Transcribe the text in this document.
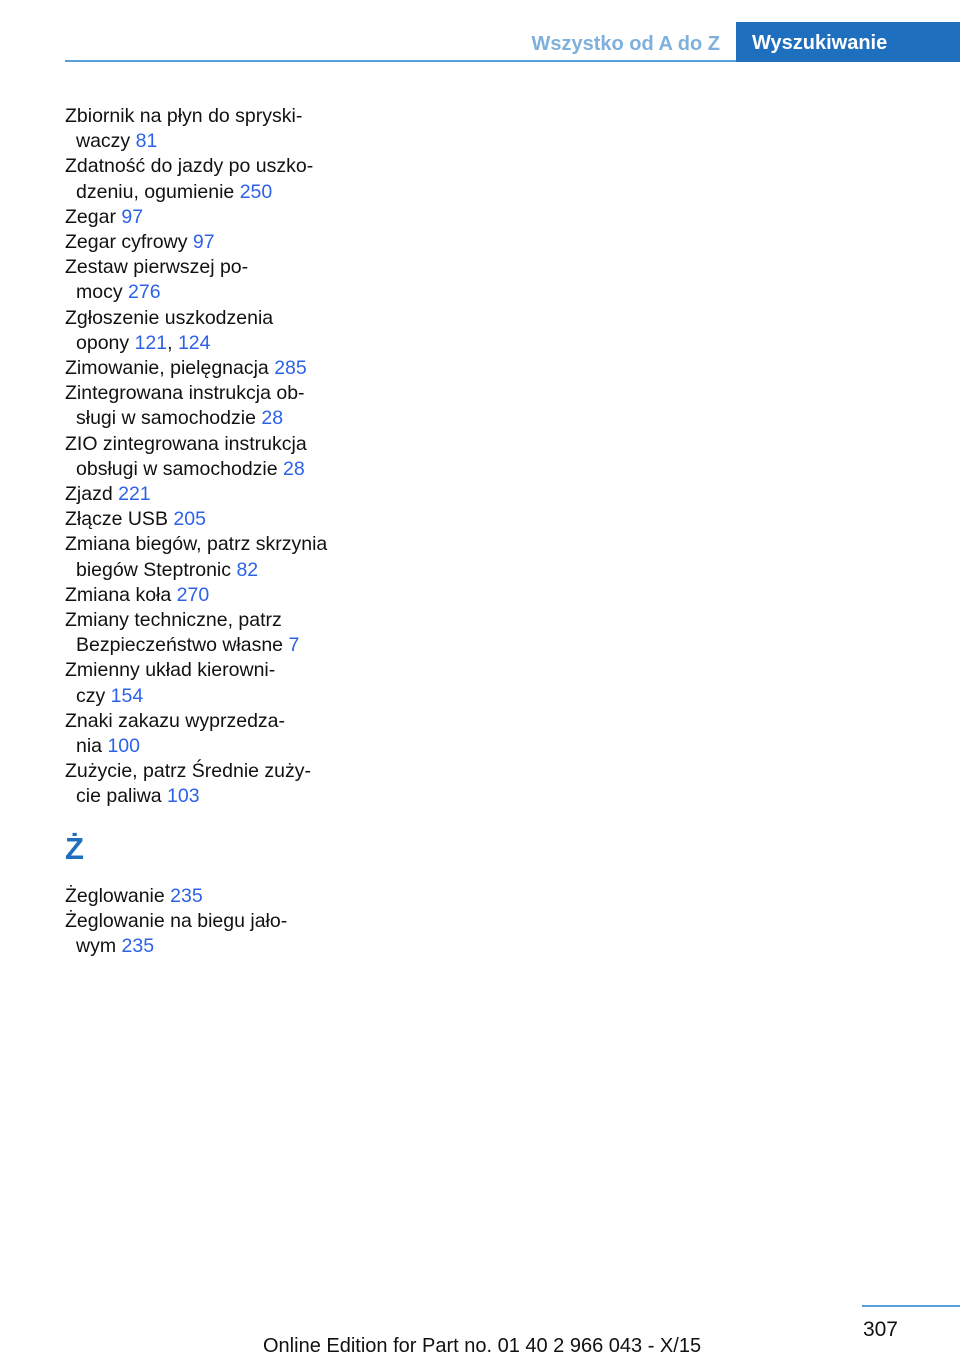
Wszystko od A do Z	Wyszukiwanie
Zbiornik na płyn do spryski-
waczy 81
Zdatność do jazdy po uszko-
dzeniu, ogumienie 250
Zegar 97
Zegar cyfrowy 97
Zestaw pierwszej po-
mocy 276
Zgłoszenie uszkodzenia
opony 121, 124
Zimowanie, pielęgnacja 285
Zintegrowana instrukcja ob-
sługi w samochodzie 28
ZIO zintegrowana instrukcja
obsługi w samochodzie 28
Zjazd 221
Złącze USB 205
Zmiana biegów, patrz skrzynia
biegów Steptronic 82
Zmiana koła 270
Zmiany techniczne, patrz
Bezpieczeństwo własne 7
Zmienny układ kierowni-
czy 154
Znaki zakazu wyprzedza-
nia 100
Zużycie, patrz Średnie zuży-
cie paliwa 103
Ż
Żeglowanie 235
Żeglowanie na biegu jało-
wym 235
307
Online Edition for Part no. 01 40 2 966 043 - X/15
